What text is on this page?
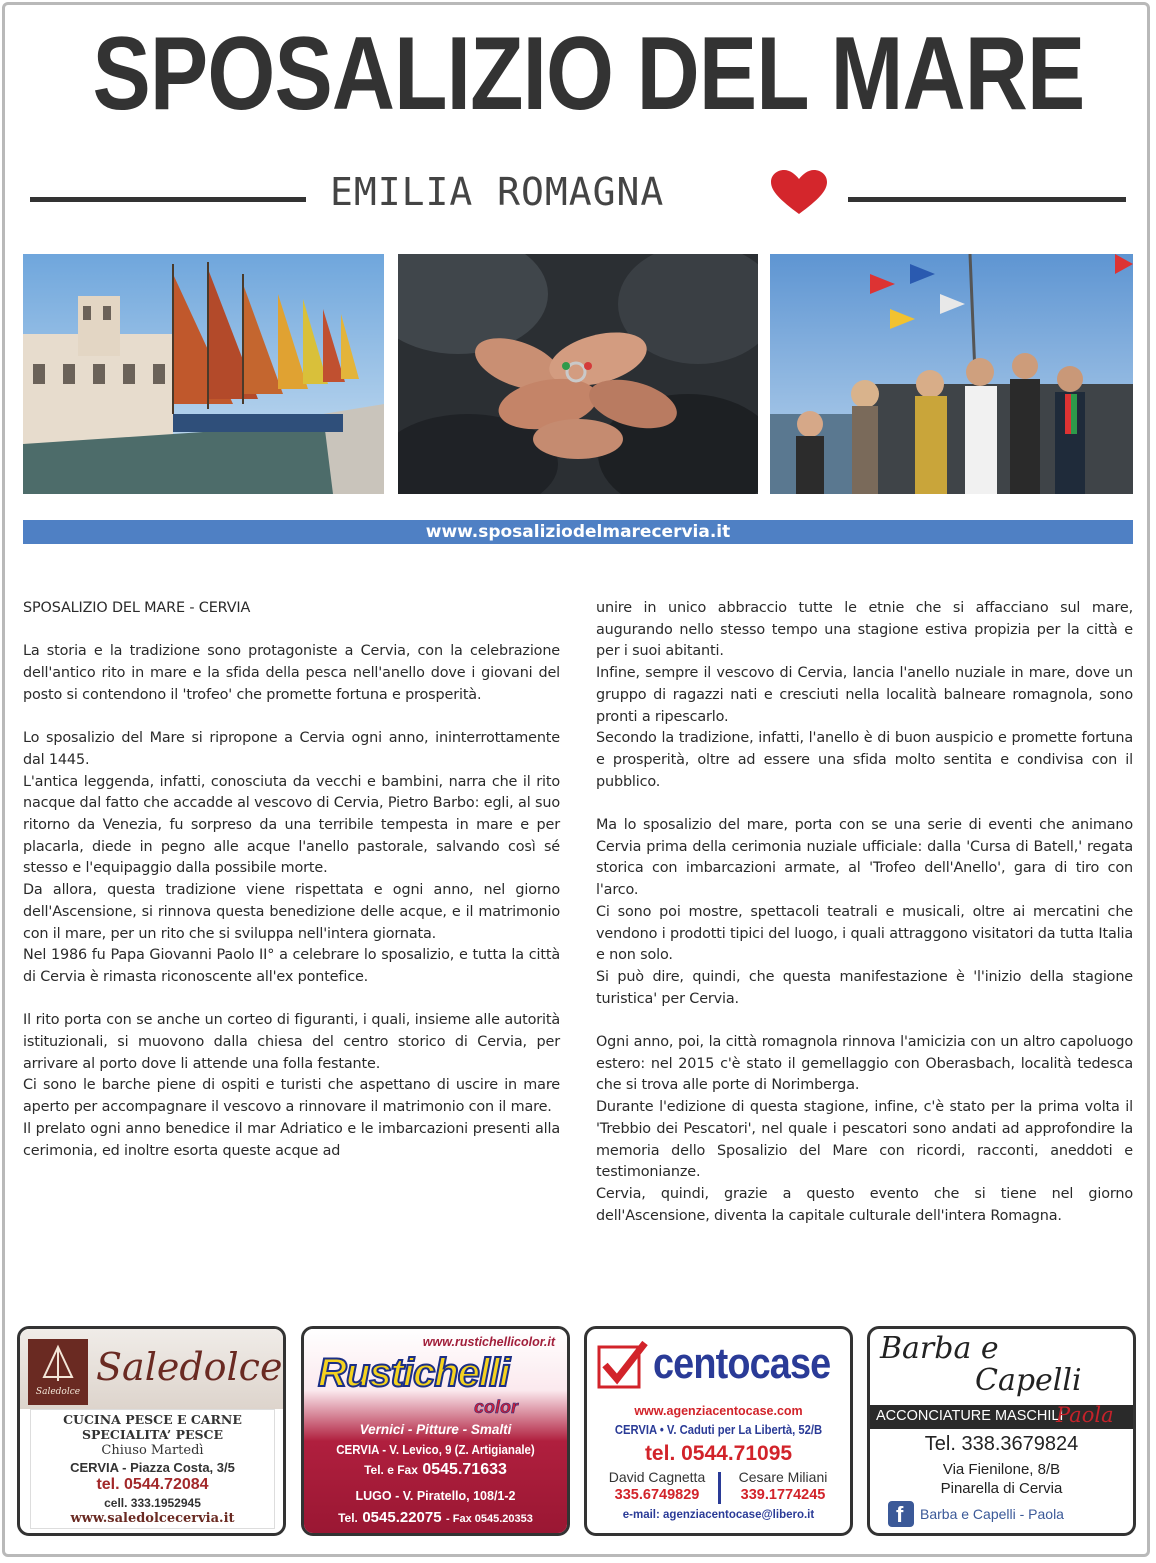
SPOSALIZIO DEL MARE
EMILIA ROMAGNA
www.sposaliziodelmarecervia.it

SPOSALIZIO DEL MARE - CERVIA

La storia e la tradizione sono protagoniste a Cervia, con la celebrazione dell'antico rito in mare e la sfida della pesca nell'anello dove i giovani del posto si contendono il 'trofeo' che promette fortuna e prosperità.

Lo sposalizio del Mare si ripropone a Cervia ogni anno, ininterrottamente dal 1445.

L'antica leggenda, infatti, conosciuta da vecchi e bambini, narra che il rito nacque dal fatto che accadde al vescovo di Cervia, Pietro Barbo: egli, al suo ritorno da Venezia, fu sorpreso da una terribile tempesta in mare e per placarla, diede in pegno alle acque l'anello pastorale, salvando così sé stesso e l'equipaggio dalla possibile morte.

Da allora, questa tradizione viene rispettata e ogni anno, nel giorno dell'Ascensione, si rinnova questa benedizione delle acque, e il matrimonio con il mare, per un rito che si sviluppa nell'intera giornata.

Nel 1986 fu Papa Giovanni Paolo II° a celebrare lo sposalizio, e tutta la città di Cervia è rimasta riconoscente all'ex pontefice.

Il rito porta con se anche un corteo di figuranti, i quali, insieme alle autorità istituzionali, si muovono dalla chiesa del centro storico di Cervia, per arrivare al porto dove li attende una folla festante.

Ci sono le barche piene di ospiti e turisti che aspettano di uscire in mare aperto per accompagnare il vescovo a rinnovare il matrimonio con il mare.

Il prelato ogni anno benedice il mar Adriatico e le imbarcazioni presenti alla cerimonia, ed inoltre esorta queste acque ad

unire in unico abbraccio tutte le etnie che si affacciano sul mare, augurando nello stesso tempo una stagione estiva propizia per la città e per i suoi abitanti.

Infine, sempre il vescovo di Cervia, lancia l'anello nuziale in mare, dove un gruppo di ragazzi nati e cresciuti nella località balneare romagnola, sono pronti a ripescarlo.

Secondo la tradizione, infatti, l'anello è di buon auspicio e promette fortuna e prosperità, oltre ad essere una sfida molto sentita e condivisa con il pubblico.

Ma lo sposalizio del mare, porta con se una serie di eventi che animano Cervia prima della cerimonia nuziale ufficiale: dalla 'Cursa di Batell,' regata storica con imbarcazioni armate, al 'Trofeo dell'Anello', gara di tiro con l'arco.

Ci sono poi mostre, spettacoli teatrali e musicali, oltre ai mercatini che vendono i prodotti tipici del luogo, i quali attraggono visitatori da tutta Italia e non solo.

Si può dire, quindi, che questa manifestazione è 'l'inizio della stagione turistica' per Cervia.

Ogni anno, poi, la città romagnola rinnova l'amicizia con un altro capoluogo estero: nel 2015 c'è stato il gemellaggio con Oberasbach, località tedesca che si trova alle porte di Norimberga.

Durante l'edizione di questa stagione, infine, c'è stato per la prima volta il 'Trebbio dei Pescatori', nel quale i pescatori sono andati ad approfondire la memoria dello Sposalizio del Mare con ricordi, racconti, aneddoti e testimonianze.

Cervia, quindi, grazie a questo evento che si tiene nel giorno dell'Ascensione, diventa la capitale culturale dell'intera Romagna.

Saledolce
Saledolce
CUCINA PESCE E CARNE
SPECIALITA’ PESCE
Chiuso Martedì
CERVIA - Piazza Costa, 3/5
tel. 0544.72084
cell. 333.1952945
www.saledolcecervia.it
www.rustichellicolor.it
Rustichelli
color
Vernici - Pitture - Smalti
CERVIA - V. Levico, 9 (Z. Artigianale)
Tel. e Fax 0545.71633
LUGO - V. Piratello, 108/1-2
Tel. 0545.22075 - Fax 0545.20353
centocase
www.agenziacentocase.com
CERVIA • V. Caduti per La Libertà, 52/B
tel. 0544.71095
David Cagnetta
335.6749829
Cesare Miliani
339.1774245
e-mail: agenziacentocase@libero.it
Barba e
Capelli
ACCONCIATURE MASCHILI
Paola
Tel. 338.3679824
Via Fienilone, 8/B
Pinarella di Cervia
f Barba e Capelli - Paola
